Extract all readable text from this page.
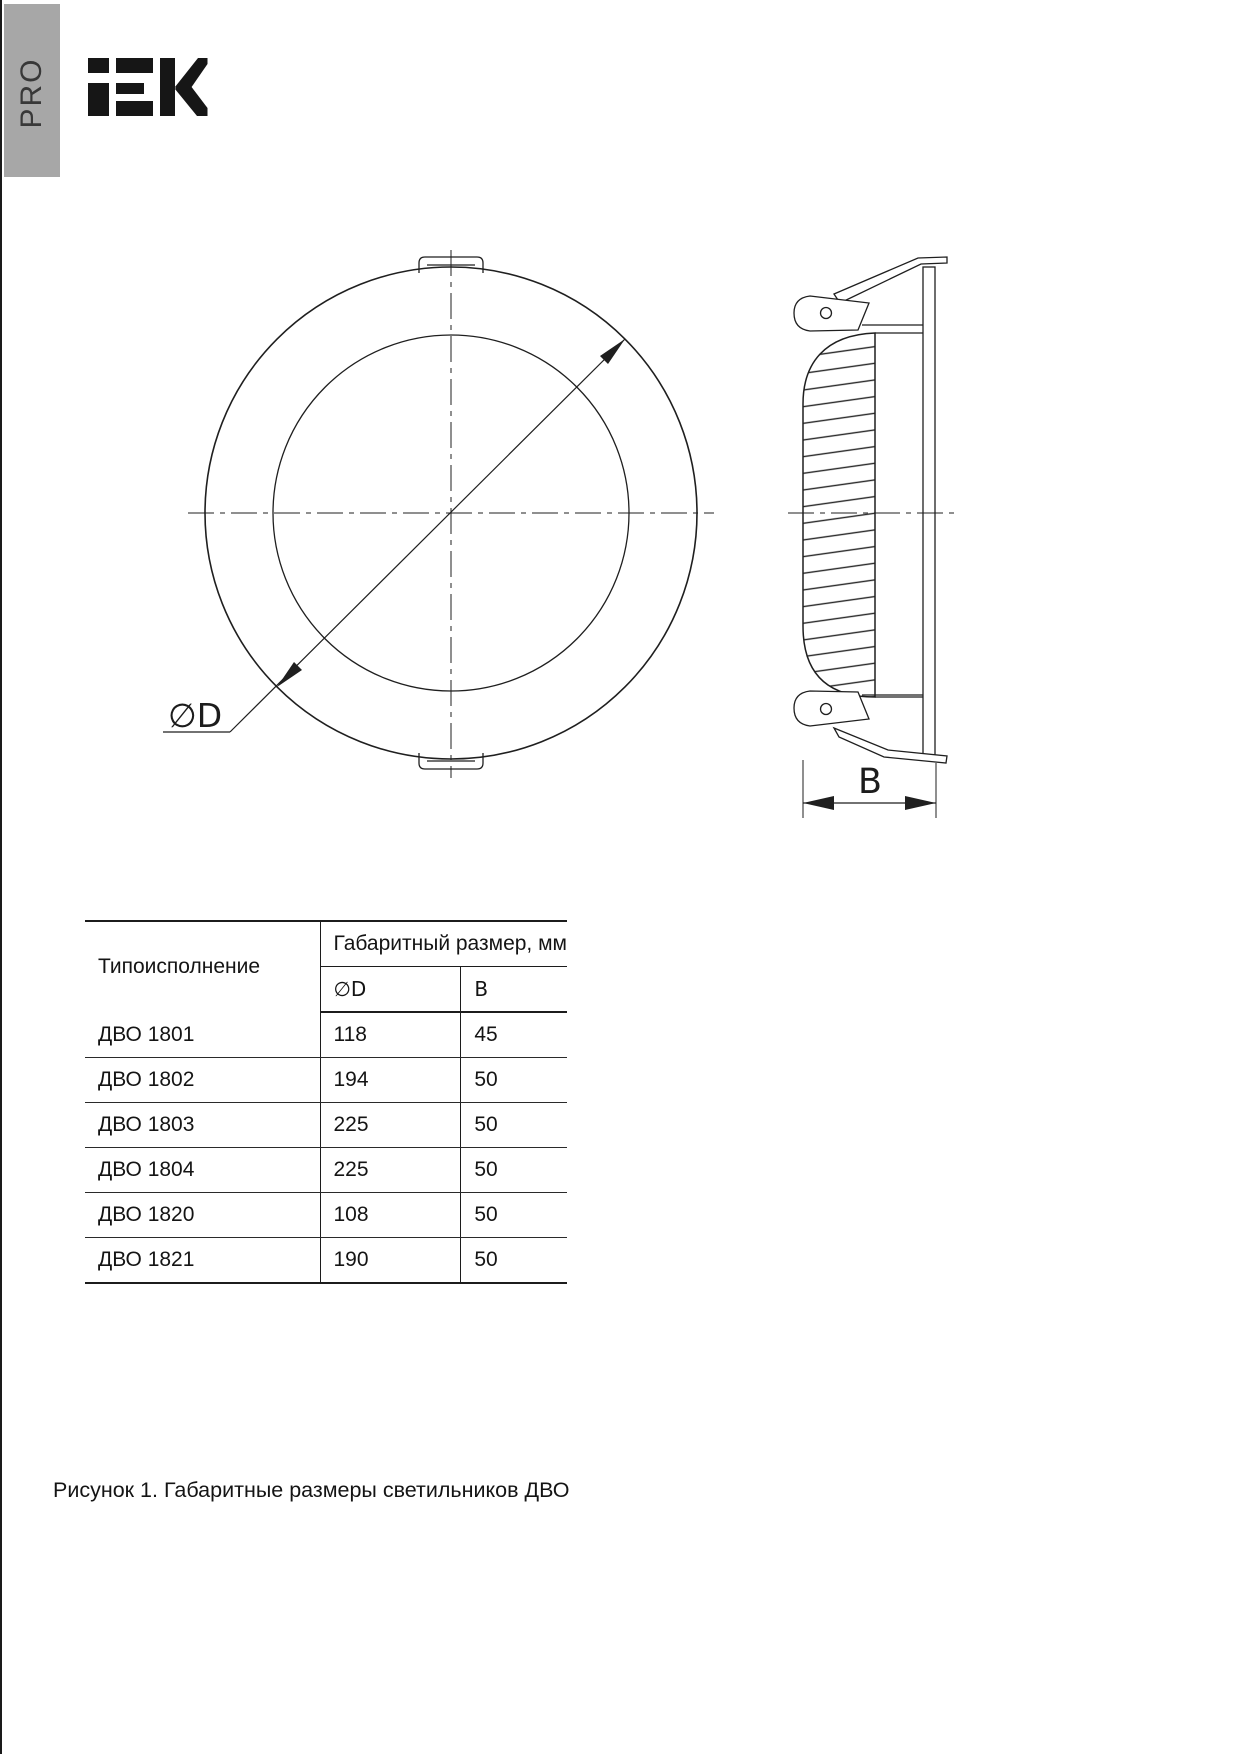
PRO
∅D
B
Типоисполнение	Габаритный размер, мм	
	∅D	B
ДВО 1801	118	45
ДВО 1802	194	50
ДВО 1803	225	50
ДВО 1804	225	50
ДВО 1820	108	50
ДВО 1821	190	50
Рисунок 1. Габаритные размеры светильников ДВО
